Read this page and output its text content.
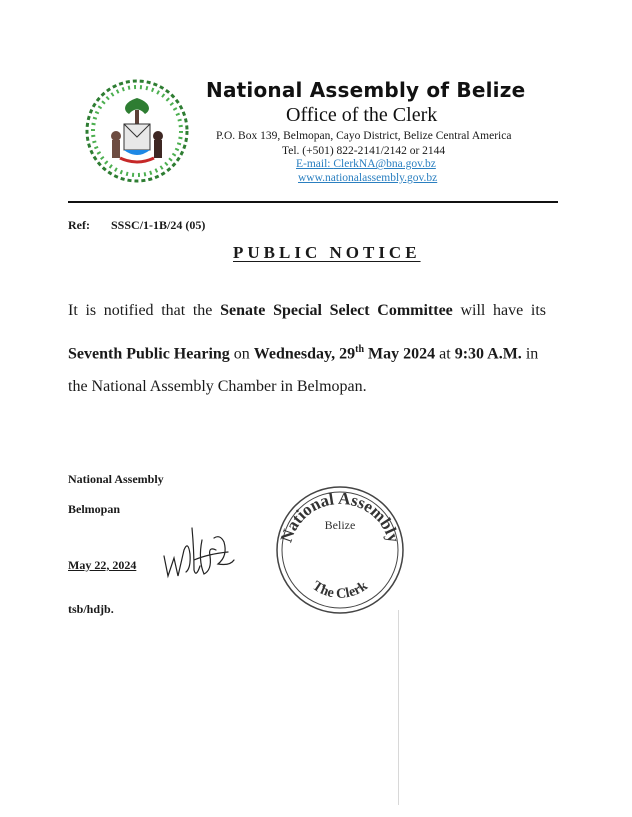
National Assembly of Belize
Office of the Clerk
P.O. Box 139, Belmopan, Cayo District, Belize Central America
Tel. (+501) 822-2141/2142 or 2144
E-mail: ClerkNA@bna.gov.bz
www.nationalassembly.gov.bz
Ref: SSSC/1-1B/24 (05)
PUBLIC NOTICE
It is notified that the Senate Special Select Committee will have its
Seventh Public Hearing on Wednesday, 29th May 2024 at 9:30 A.M. in
the National Assembly Chamber in Belmopan.
National Assembly
Belmopan
May 22, 2024
tsb/hdjb.
National Assembly
Belize
The Clerk
